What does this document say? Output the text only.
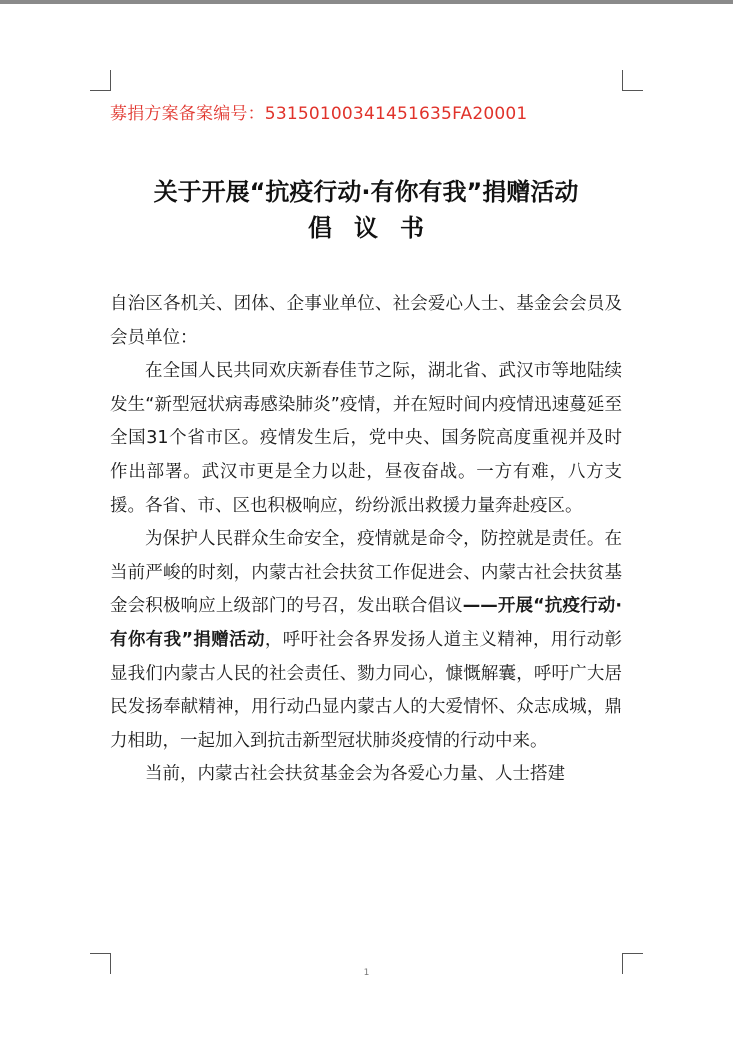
募捐方案备案编号：53150100341451635FA20001
关于开展“抗疫行动·有你有我”捐赠活动
倡议书

自治区各机关、团体、企事业单位、社会爱心人士、基金会会员及会员单位：

在全国人民共同欢庆新春佳节之际，湖北省、武汉市等地陆续发生“新型冠状病毒感染肺炎”疫情，并在短时间内疫情迅速蔓延至全国31个省市区。疫情发生后，党中央、国务院高度重视并及时作出部署。武汉市更是全力以赴，昼夜奋战。一方有难，八方支援。各省、市、区也积极响应，纷纷派出救援力量奔赴疫区。

为保护人民群众生命安全，疫情就是命令，防控就是责任。在当前严峻的时刻，内蒙古社会扶贫工作促进会、内蒙古社会扶贫基金会积极响应上级部门的号召，发出联合倡议——开展“抗疫行动·有你有我”捐赠活动，呼吁社会各界发扬人道主义精神，用行动彰显我们内蒙古人民的社会责任、勠力同心，慷慨解囊，呼吁广大居民发扬奉献精神，用行动凸显内蒙古人的大爱情怀、众志成城，鼎力相助，一起加入到抗击新型冠状肺炎疫情的行动中来。

当前，内蒙古社会扶贫基金会为各爱心力量、人士搭建

1
